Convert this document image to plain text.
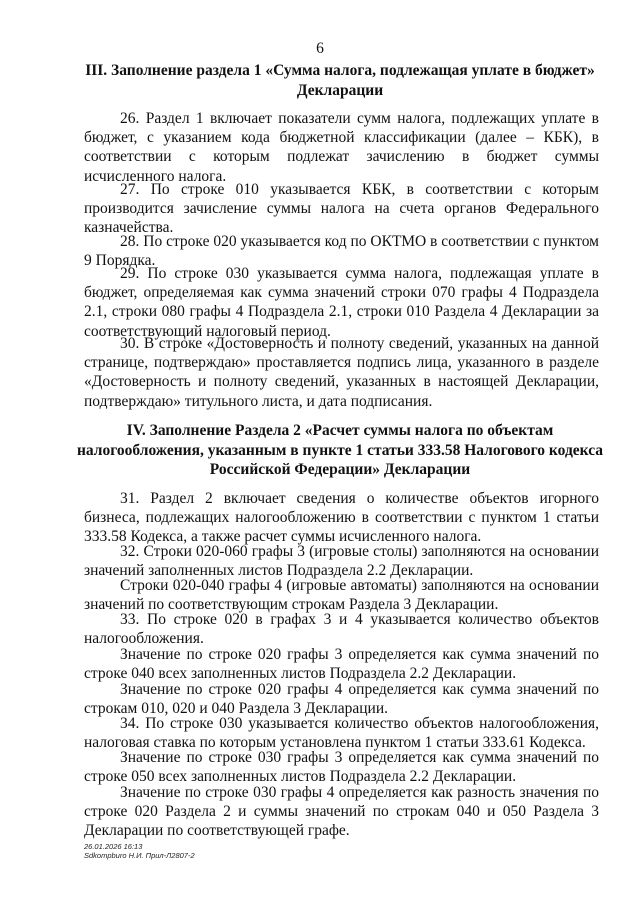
6
III. Заполнение раздела 1 «Сумма налога, подлежащая уплате в бюджет»
Декларации

26. Раздел 1 включает показатели сумм налога, подлежащих уплате в бюджет, с указанием кода бюджетной классификации (далее – КБК), в соответствии с которым подлежат зачислению в бюджет суммы исчисленного налога.

27. По строке 010 указывается КБК, в соответствии с которым производится зачисление суммы налога на счета органов Федерального казначейства.

28. По строке 020 указывается код по ОКТМО в соответствии с пунктом 9 Порядка.

29. По строке 030 указывается сумма налога, подлежащая уплате в бюджет, определяемая как сумма значений строки 070 графы 4 Подраздела 2.1, строки 080 графы 4 Подраздела 2.1, строки 010 Раздела 4 Декларации за соответствующий налоговый период.

30. В строке «Достоверность и полноту сведений, указанных на данной странице, подтверждаю» проставляется подпись лица, указанного в разделе «Достоверность и полноту сведений, указанных в настоящей Декларации, подтверждаю» титульного листа, и дата подписания.

IV. Заполнение Раздела 2 «Расчет суммы налога по объектам
налогообложения, указанным в пункте 1 статьи 333.58 Налогового кодекса
Российской Федерации» Декларации

31. Раздел 2 включает сведения о количестве объектов игорного бизнеса, подлежащих налогообложению в соответствии с пунктом 1 статьи 333.58 Кодекса, а также расчет суммы исчисленного налога.

32. Строки 020-060 графы 3 (игровые столы) заполняются на основании значений заполненных листов Подраздела 2.2 Декларации.

Строки 020-040 графы 4 (игровые автоматы) заполняются на основании значений по соответствующим строкам Раздела 3 Декларации.

33. По строке 020 в графах 3 и 4 указывается количество объектов налогообложения.

Значение по строке 020 графы 3 определяется как сумма значений по строке 040 всех заполненных листов Подраздела 2.2 Декларации.

Значение по строке 020 графы 4 определяется как сумма значений по строкам 010, 020 и 040 Раздела 3 Декларации.

34. По строке 030 указывается количество объектов налогообложения, налоговая ставка по которым установлена пунктом 1 статьи 333.61 Кодекса.

Значение по строке 030 графы 3 определяется как сумма значений по строке 050 всех заполненных листов Подраздела 2.2 Декларации.

Значение по строке 030 графы 4 определяется как разность значения по строке 020 Раздела 2 и суммы значений по строкам 040 и 050 Раздела 3 Декларации по соответствующей графе.

26.01.2026 16:13
Sdkompburo Н.И. Прил-Л2807-2
